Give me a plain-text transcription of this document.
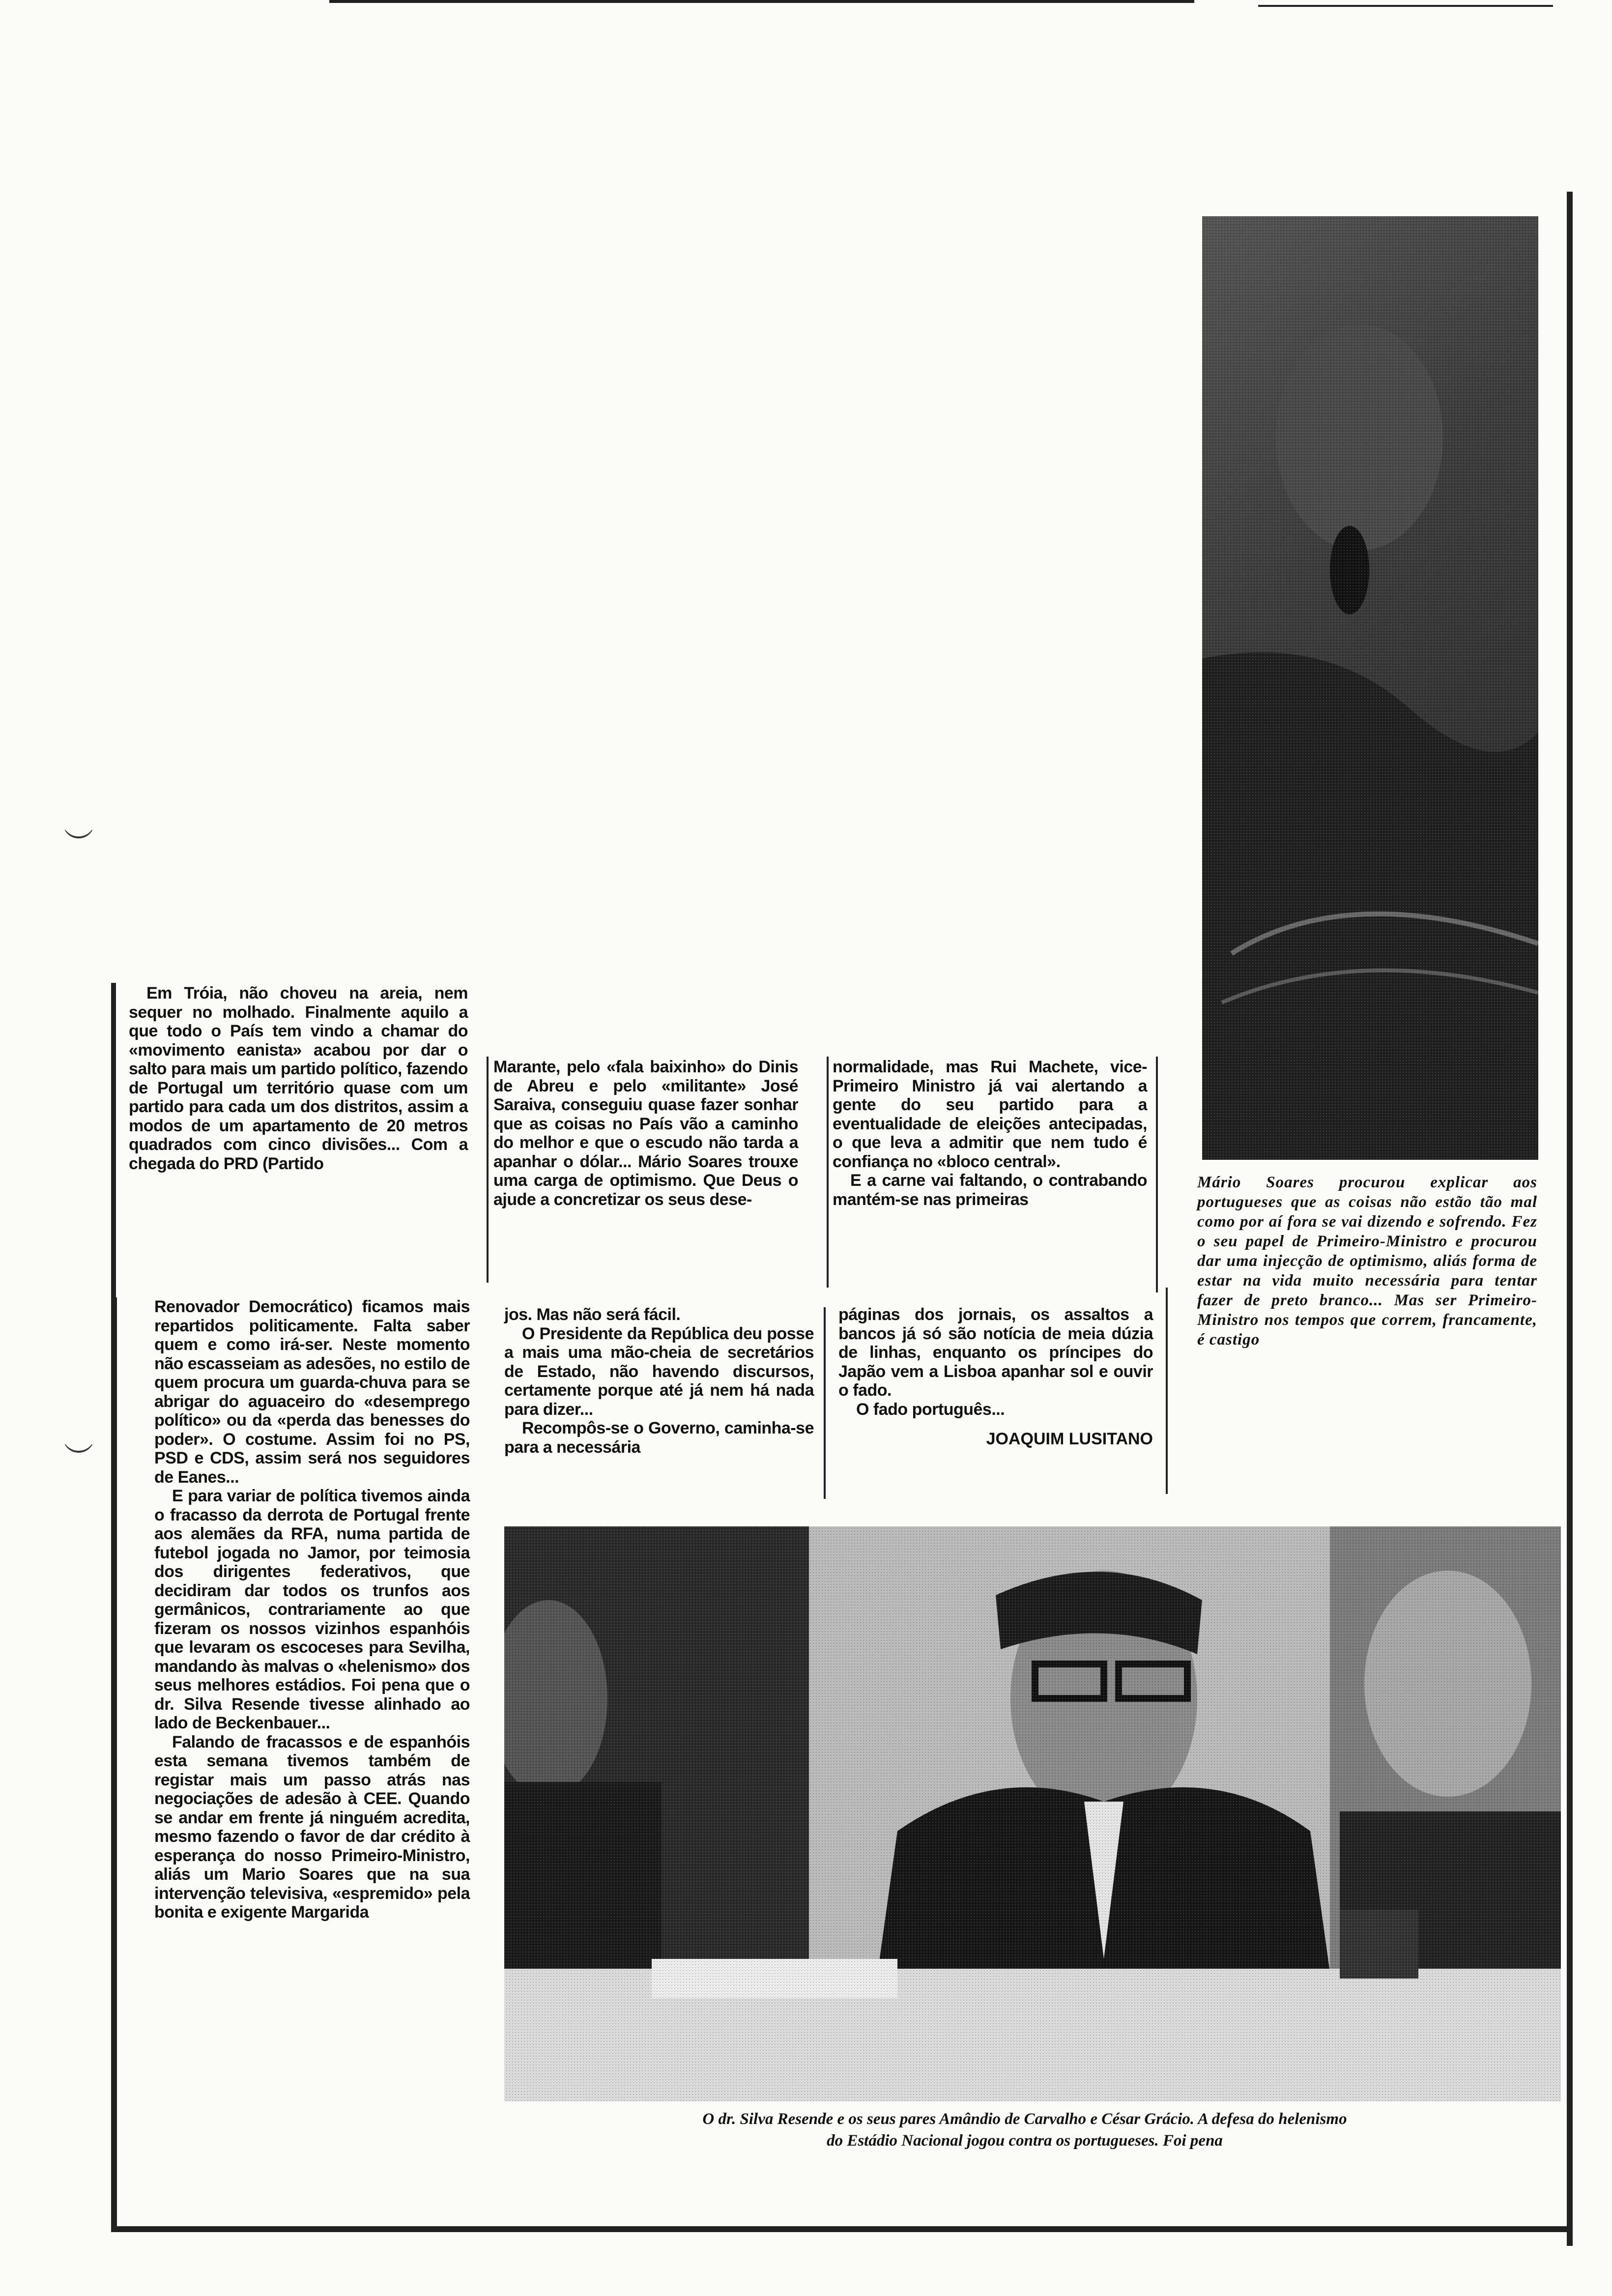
Em Tróia, não choveu na areia, nem sequer no molhado. Finalmente aquilo a que todo o País tem vindo a chamar do «movimento eanista» acabou por dar o salto para mais um partido político, fazendo de Portugal um território quase com um partido para cada um dos distritos, assim a modos de um apartamento de 20 metros quadrados com cinco divisões... Com a chegada do PRD (Partido

Renovador Democrático) ficamos mais repartidos politicamente. Falta saber quem e como irá-ser. Neste momento não escasseiam as adesões, no estilo de quem procura um guarda-chuva para se abrigar do aguaceiro do «desemprego político» ou da «perda das benesses do poder». O costume. Assim foi no PS, PSD e CDS, assim será nos seguidores de Eanes...

E para variar de política tivemos ainda o fracasso da derrota de Portugal frente aos alemães da RFA, numa partida de futebol jogada no Jamor, por teimosia dos dirigentes federativos, que decidiram dar todos os trunfos aos germânicos, contrariamente ao que fizeram os nossos vizinhos espanhóis que levaram os escoceses para Sevilha, mandando às malvas o «helenismo» dos seus melhores estádios. Foi pena que o dr. Silva Resende tivesse alinhado ao lado de Beckenbauer...

Falando de fracassos e de espanhóis esta semana tivemos também de registar mais um passo atrás nas negociações de adesão à CEE. Quando se andar em frente já ninguém acredita, mesmo fazendo o favor de dar crédito à esperança do nosso Primeiro-Ministro, aliás um Mario Soares que na sua intervenção televisiva, «espremido» pela bonita e exigente Margarida

Marante, pelo «fala baixinho» do Dinis de Abreu e pelo «militante» José Saraiva, conseguiu quase fazer sonhar que as coisas no País vão a caminho do melhor e que o escudo não tarda a apanhar o dólar... Mário Soares trouxe uma carga de optimismo. Que Deus o ajude a concretizar os seus dese-

jos. Mas não será fácil.

O Presidente da República deu posse a mais uma mão-cheia de secretários de Estado, não havendo discursos, certamente porque até já nem há nada para dizer...

Recompôs-se o Governo, caminha-se para a necessária

normalidade, mas Rui Machete, vice-Primeiro Ministro já vai alertando a gente do seu partido para a eventualidade de eleições antecipadas, o que leva a admitir que nem tudo é confiança no «bloco central».

E a carne vai faltando, o contrabando mantém-se nas primeiras

páginas dos jornais, os assaltos a bancos já só são notícia de meia dúzia de linhas, enquanto os príncipes do Japão vem a Lisboa apanhar sol e ouvir o fado.

O fado português...

JOAQUIM LUSITANO

Mário Soares procurou explicar aos portugueses que as coisas não estão tão mal como por aí fora se vai dizendo e sofrendo. Fez o seu papel de Primeiro-Ministro e procurou dar uma injecção de optimismo, aliás forma de estar na vida muito necessária para tentar fazer de preto branco... Mas ser Primeiro-Ministro nos tempos que correm, francamente, é castigo
O dr. Silva Resende e os seus pares Amândio de Carvalho e César Grácio. A defesa do helenismo
do Estádio Nacional jogou contra os portugueses. Foi pena
︶
︶
